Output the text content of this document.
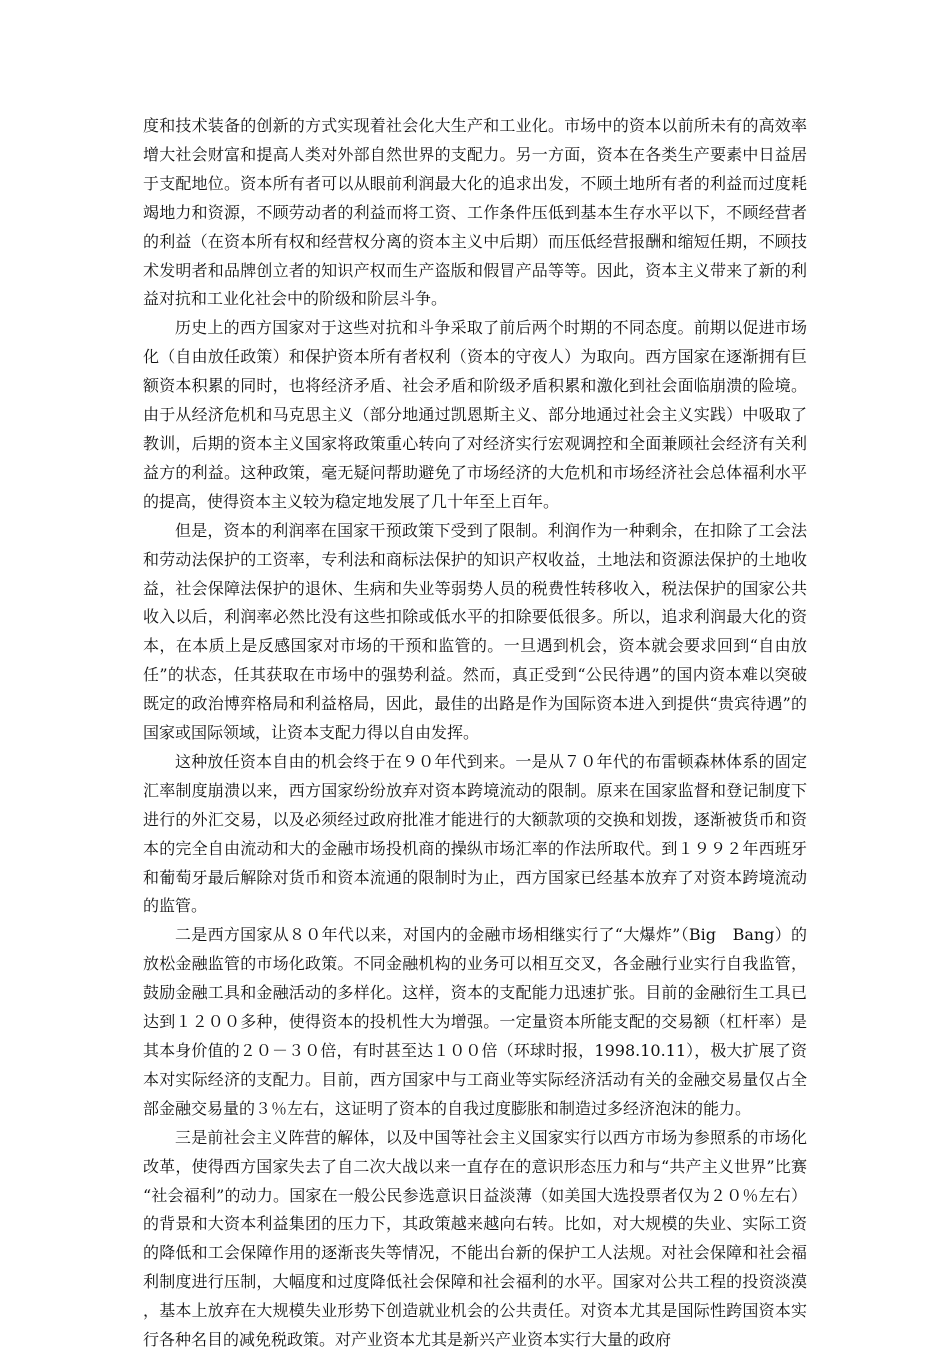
度和技术装备的创新的方式实现着社会化大生产和工业化。市场中的资本以前所未有的高效率增大社会财富和提高人类对外部自然世界的支配力。另一方面，资本在各类生产要素中日益居于支配地位。资本所有者可以从眼前利润最大化的追求出发，不顾土地所有者的利益而过度耗竭地力和资源，不顾劳动者的利益而将工资、工作条件压低到基本生存水平以下，不顾经营者的利益（在资本所有权和经营权分离的资本主义中后期）而压低经营报酬和缩短任期，不顾技术发明者和品牌创立者的知识产权而生产盗版和假冒产品等等。因此，资本主义带来了新的利益对抗和工业化社会中的阶级和阶层斗争。

历史上的西方国家对于这些对抗和斗争采取了前后两个时期的不同态度。前期以促进市场化（自由放任政策）和保护资本所有者权利（资本的守夜人）为取向。西方国家在逐渐拥有巨额资本积累的同时，也将经济矛盾、社会矛盾和阶级矛盾积累和激化到社会面临崩溃的险境。由于从经济危机和马克思主义（部分地通过凯恩斯主义、部分地通过社会主义实践）中吸取了教训，后期的资本主义国家将政策重心转向了对经济实行宏观调控和全面兼顾社会经济有关利益方的利益。这种政策，毫无疑问帮助避免了市场经济的大危机和市场经济社会总体福利水平的提高，使得资本主义较为稳定地发展了几十年至上百年。

但是，资本的利润率在国家干预政策下受到了限制。利润作为一种剩余，在扣除了工会法和劳动法保护的工资率，专利法和商标法保护的知识产权收益，土地法和资源法保护的土地收益，社会保障法保护的退休、生病和失业等弱势人员的税费性转移收入，税法保护的国家公共收入以后，利润率必然比没有这些扣除或低水平的扣除要低很多。所以，追求利润最大化的资本，在本质上是反感国家对市场的干预和监管的。一旦遇到机会，资本就会要求回到“自由放任”的状态，任其获取在市场中的强势利益。然而，真正受到“公民待遇”的国内资本难以突破既定的政治博弈格局和利益格局，因此，最佳的出路是作为国际资本进入到提供“贵宾待遇”的国家或国际领域，让资本支配力得以自由发挥。

这种放任资本自由的机会终于在９０年代到来。一是从７０年代的布雷顿森林体系的固定汇率制度崩溃以来，西方国家纷纷放弃对资本跨境流动的限制。原来在国家监督和登记制度下进行的外汇交易，以及必须经过政府批准才能进行的大额款项的交换和划拨，逐渐被货币和资本的完全自由流动和大的金融市场投机商的操纵市场汇率的作法所取代。到１９９２年西班牙和葡萄牙最后解除对货币和资本流通的限制时为止，西方国家已经基本放弃了对资本跨境流动的监管。

二是西方国家从８０年代以来，对国内的金融市场相继实行了“大爆炸”（Big　Bang）的放松金融监管的市场化政策。不同金融机构的业务可以相互交叉，各金融行业实行自我监管，鼓励金融工具和金融活动的多样化。这样，资本的支配能力迅速扩张。目前的金融衍生工具已达到１２００多种，使得资本的投机性大为增强。一定量资本所能支配的交易额（杠杆率）是其本身价值的２０－３０倍，有时甚至达１００倍（环球时报，1998.10.11），极大扩展了资本对实际经济的支配力。目前，西方国家中与工商业等实际经济活动有关的金融交易量仅占全部金融交易量的３％左右，这证明了资本的自我过度膨胀和制造过多经济泡沫的能力。

三是前社会主义阵营的解体，以及中国等社会主义国家实行以西方市场为参照系的市场化改革，使得西方国家失去了自二次大战以来一直存在的意识形态压力和与“共产主义世界”比赛“社会福利”的动力。国家在一般公民参选意识日益淡薄（如美国大选投票者仅为２０％左右）的背景和大资本利益集团的压力下，其政策越来越向右转。比如，对大规模的失业、实际工资的降低和工会保障作用的逐渐丧失等情况，不能出台新的保护工人法规。对社会保障和社会福利制度进行压制，大幅度和过度降低社会保障和社会福利的水平。国家对公共工程的投资淡漠，基本上放弃在大规模失业形势下创造就业机会的公共责任。对资本尤其是国际性跨国资本实行各种名目的减免税政策。对产业资本尤其是新兴产业资本实行大量的政府
